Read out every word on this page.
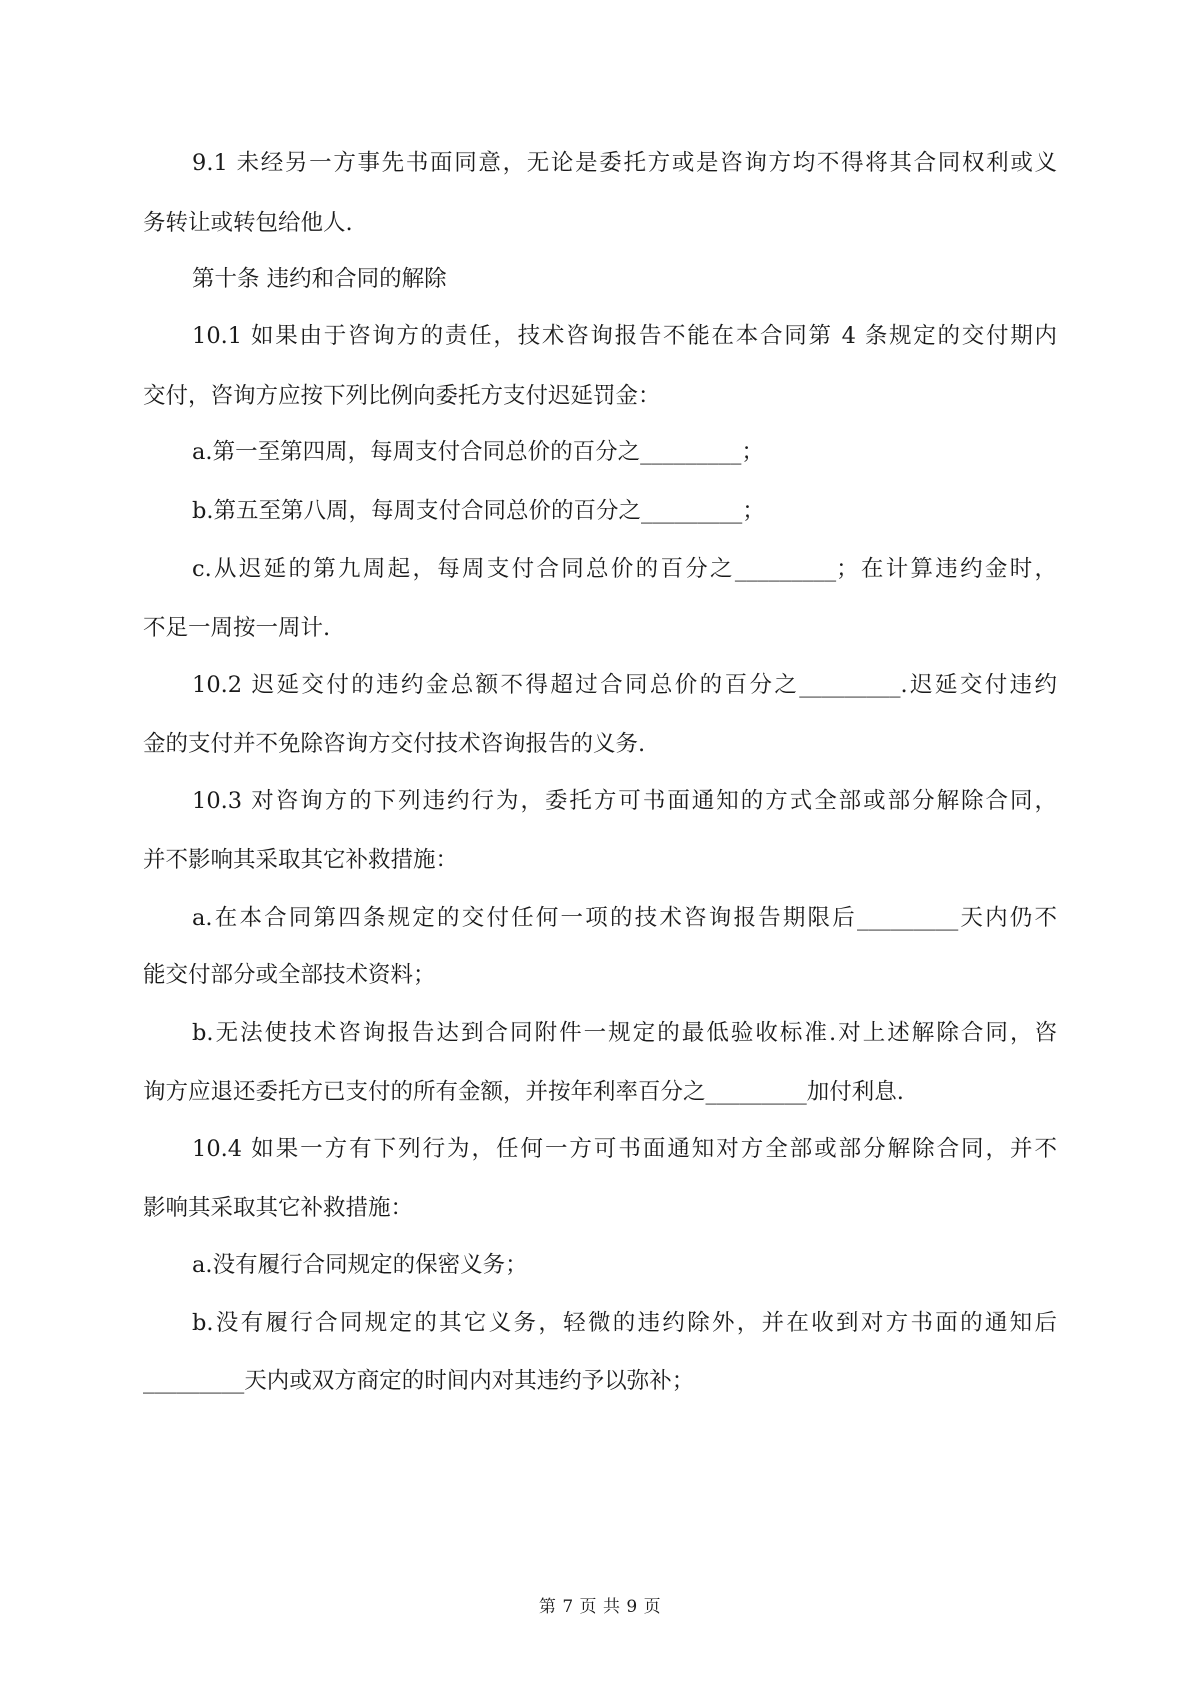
9.1 未经另一方事先书面同意，无论是委托方或是咨询方均不得将其合同权利或义

务转让或转包给他人.

第十条 违约和合同的解除

10.1 如果由于咨询方的责任，技术咨询报告不能在本合同第 4 条规定的交付期内

交付，咨询方应按下列比例向委托方支付迟延罚金：

a.第一至第四周，每周支付合同总价的百分之_________；

b.第五至第八周，每周支付合同总价的百分之_________；

c.从迟延的第九周起，每周支付合同总价的百分之_________；在计算违约金时，

不足一周按一周计.

10.2 迟延交付的违约金总额不得超过合同总价的百分之_________.迟延交付违约

金的支付并不免除咨询方交付技术咨询报告的义务.

10.3 对咨询方的下列违约行为，委托方可书面通知的方式全部或部分解除合同，

并不影响其采取其它补救措施：

a.在本合同第四条规定的交付任何一项的技术咨询报告期限后_________天内仍不

能交付部分或全部技术资料；

b.无法使技术咨询报告达到合同附件一规定的最低验收标准.对上述解除合同，咨

询方应退还委托方已支付的所有金额，并按年利率百分之_________加付利息.

10.4 如果一方有下列行为，任何一方可书面通知对方全部或部分解除合同，并不

影响其采取其它补救措施：

a.没有履行合同规定的保密义务；

b.没有履行合同规定的其它义务，轻微的违约除外，并在收到对方书面的通知后

_________天内或双方商定的时间内对其违约予以弥补；

第 7 页 共 9 页
